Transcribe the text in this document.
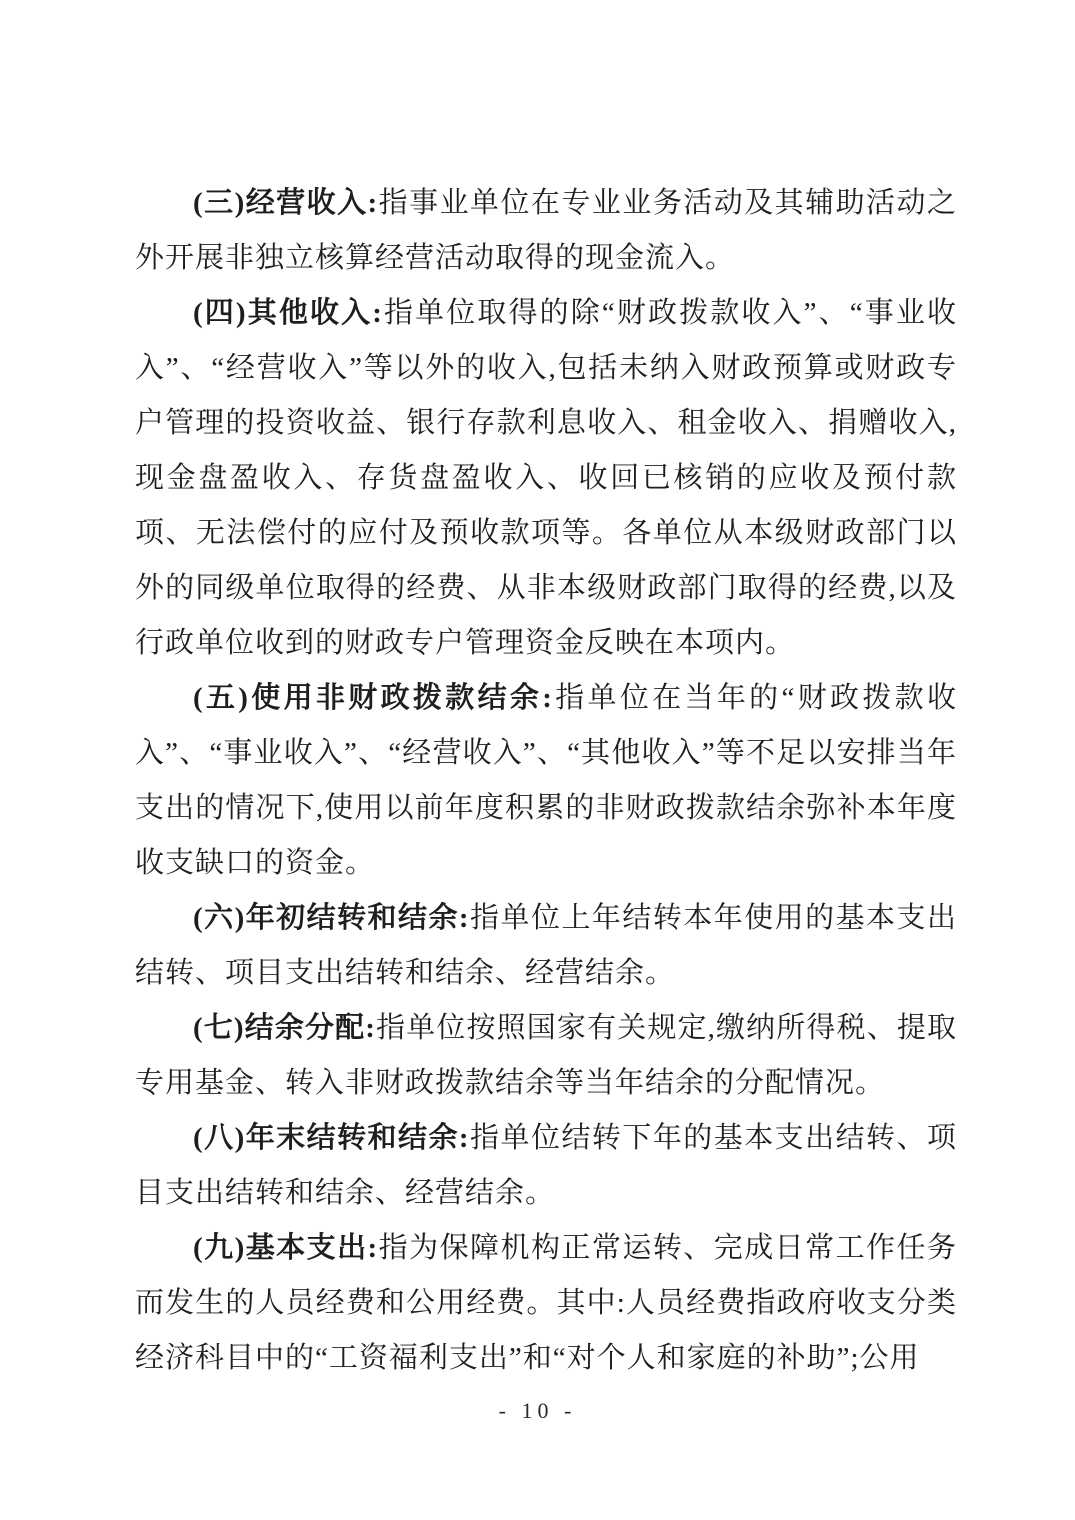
(三)经营收入:指事业单位在专业业务活动及其辅助活动之外开展非独立核算经营活动取得的现金流入。

(四)其他收入:指单位取得的除“财政拨款收入”、“事业收入”、“经营收入”等以外的收入,包括未纳入财政预算或财政专户管理的投资收益、银行存款利息收入、租金收入、捐赠收入,现金盘盈收入、存货盘盈收入、收回已核销的应收及预付款项、无法偿付的应付及预收款项等。各单位从本级财政部门以外的同级单位取得的经费、从非本级财政部门取得的经费,以及行政单位收到的财政专户管理资金反映在本项内。

(五)使用非财政拨款结余:指单位在当年的“财政拨款收入”、“事业收入”、“经营收入”、“其他收入”等不足以安排当年支出的情况下,使用以前年度积累的非财政拨款结余弥补本年度收支缺口的资金。

(六)年初结转和结余:指单位上年结转本年使用的基本支出结转、项目支出结转和结余、经营结余。

(七)结余分配:指单位按照国家有关规定,缴纳所得税、提取专用基金、转入非财政拨款结余等当年结余的分配情况。

(八)年末结转和结余:指单位结转下年的基本支出结转、项目支出结转和结余、经营结余。

(九)基本支出:指为保障机构正常运转、完成日常工作任务而发生的人员经费和公用经费。其中:人员经费指政府收支分类经济科目中的“工资福利支出”和“对个人和家庭的补助”;公用

- 10 -
